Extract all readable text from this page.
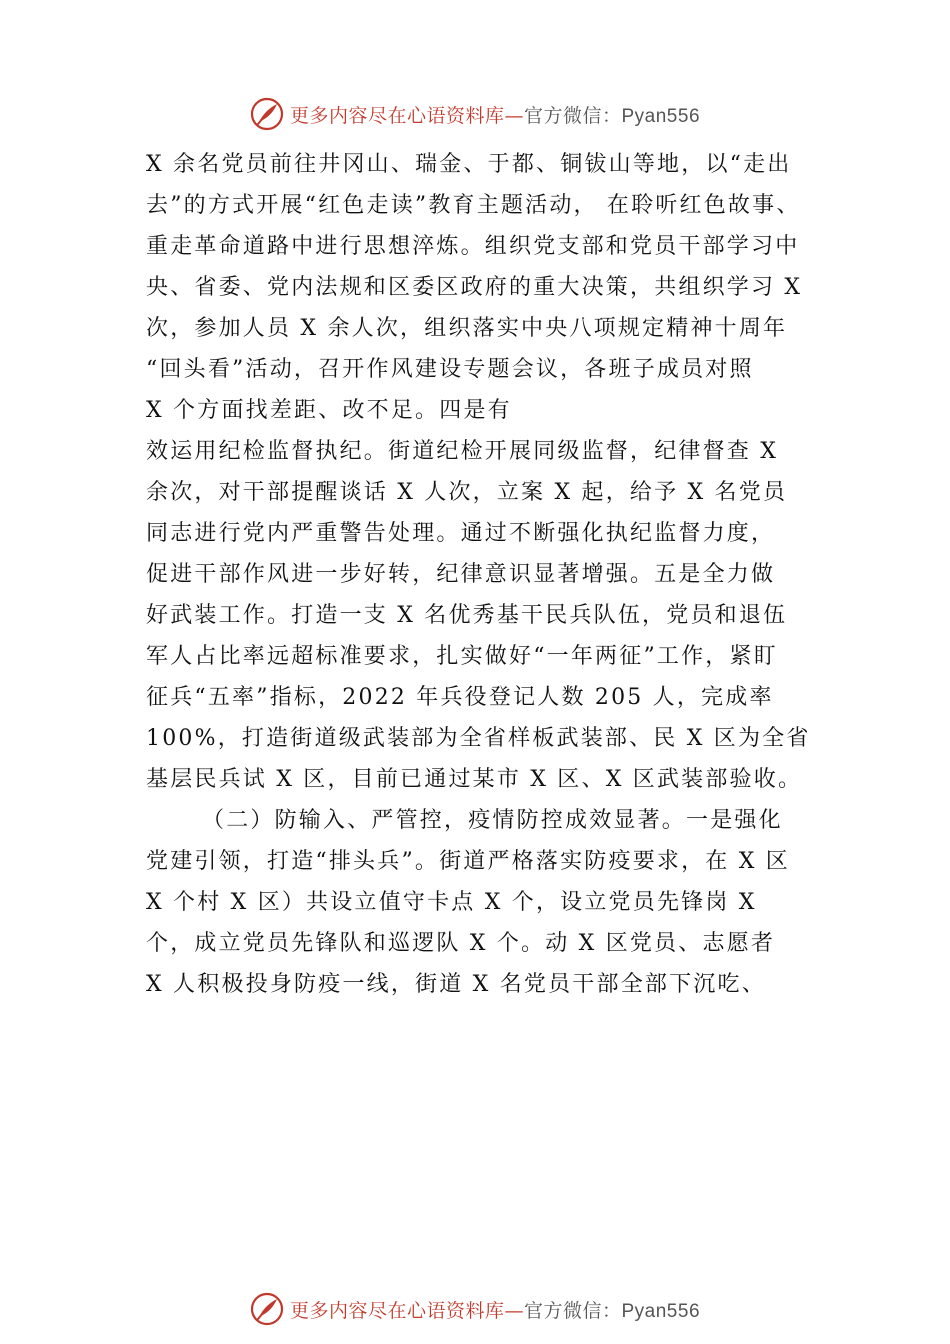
更多内容尽在心语资料库—官方微信：Pyan556
X 余名党员前往井冈山、瑞金、于都、铜钹山等地，以“走出
去”的方式开展“红色走读”教育主题活动， 在聆听红色故事、
重走革命道路中进行思想淬炼。组织党支部和党员干部学习中
央、省委、党内法规和区委区政府的重大决策，共组织学习 X
次，参加人员 X 余人次，组织落实中央八项规定精神十周年
“回头看”活动，召开作风建设专题会议，各班子成员对照
X 个方面找差距、改不足。四是有
效运用纪检监督执纪。街道纪检开展同级监督，纪律督查 X
余次，对干部提醒谈话 X 人次，立案 X 起，给予 X 名党员
同志进行党内严重警告处理。通过不断强化执纪监督力度，
促进干部作风进一步好转，纪律意识显著增强。五是全力做
好武装工作。打造一支 X 名优秀基干民兵队伍，党员和退伍
军人占比率远超标准要求，扎实做好“一年两征”工作，紧盯
征兵“五率”指标，2022 年兵役登记人数 205 人，完成率
100%，打造街道级武装部为全省样板武装部、民 X 区为全省
基层民兵试 X 区，目前已通过某市 X 区、X 区武装部验收。
（二）防输入、严管控，疫情防控成效显著。一是强化
党建引领，打造“排头兵”。街道严格落实防疫要求，在 X 区
X 个村 X 区）共设立值守卡点 X 个，设立党员先锋岗 X
个，成立党员先锋队和巡逻队 X 个。动 X 区党员、志愿者
X 人积极投身防疫一线，街道 X 名党员干部全部下沉吃、
更多内容尽在心语资料库—官方微信：Pyan556
